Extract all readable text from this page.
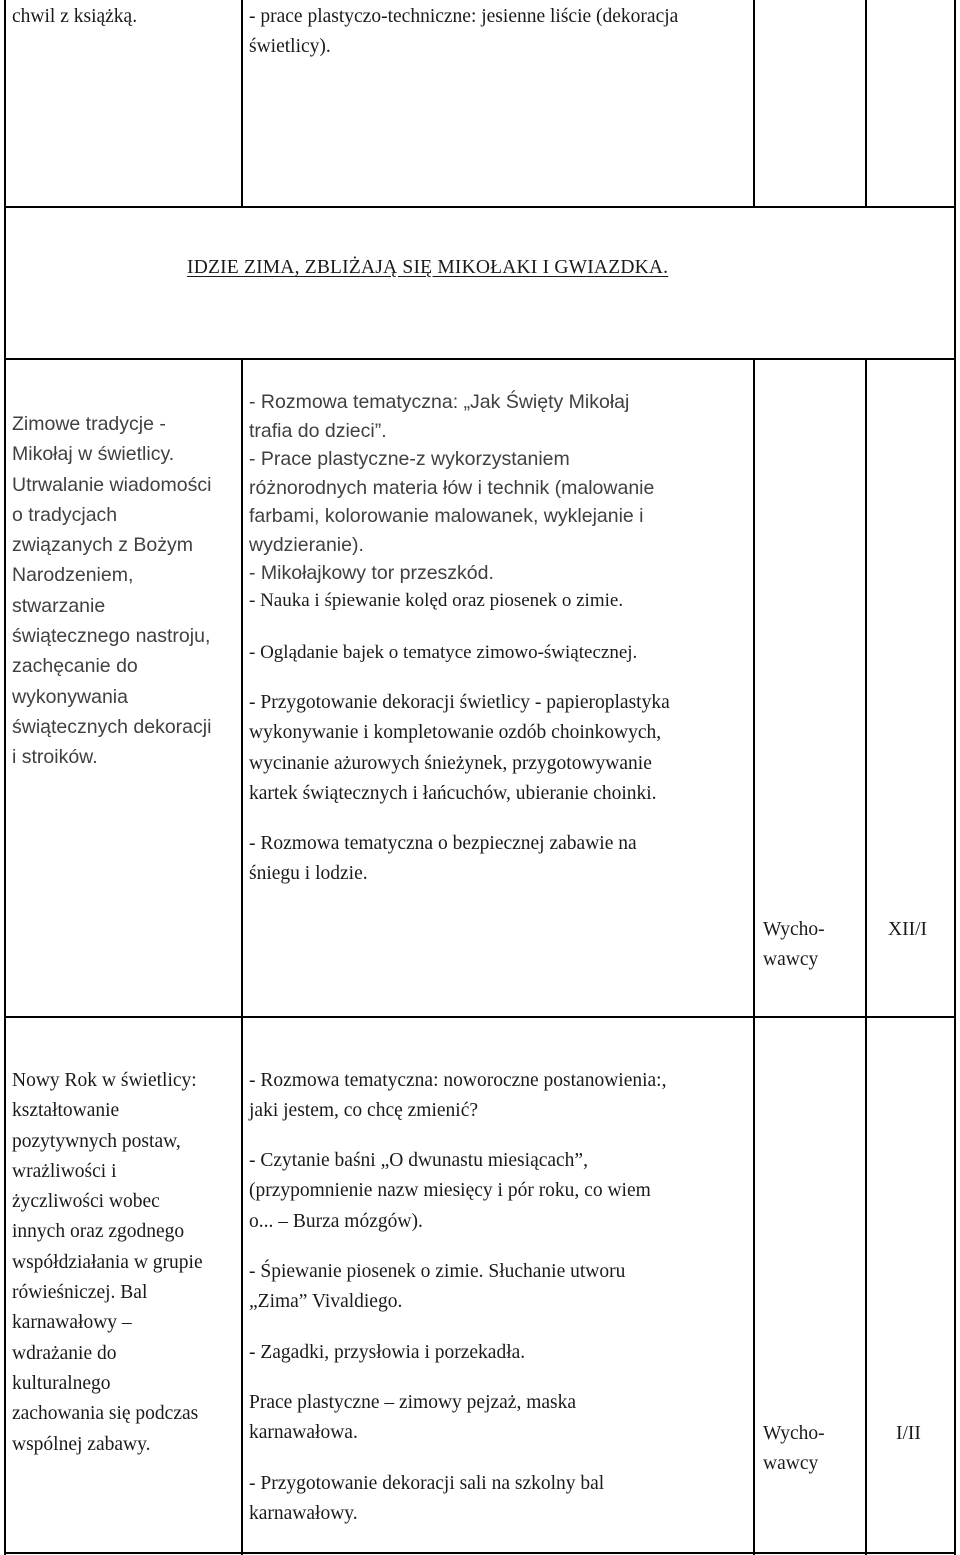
chwil z książką.	- prace plastyczo-techniczne: jesienne liście (dekoracja

świetlicy).

IDZIE ZIMA, ZBLIŻAJĄ SIĘ MIKOŁAKI I GWIAZDKA.

Zimowe tradycje -

Mikołaj w świetlicy.

Utrwalanie wiadomości

o tradycjach

związanych z Bożym

Narodzeniem,

stwarzanie

świątecznego nastroju,

zachęcanie do

wykonywania

świątecznych dekoracji

i stroików.

- Rozmowa tematyczna: „Jak Święty Mikołaj

trafia do dzieci”.

- Prace plastyczne-z wykorzystaniem

różnorodnych materia łów i technik (malowanie

farbami, kolorowanie malowanek, wyklejanie i

wydzieranie).

- Mikołajkowy tor przeszkód.

- Nauka i śpiewanie kolęd oraz piosenek o zimie.

- Oglądanie bajek o tematyce zimowo-świątecznej.

- Przygotowanie dekoracji świetlicy - papieroplastyka

wykonywanie i kompletowanie ozdób choinkowych,

wycinanie ażurowych śnieżynek, przygotowywanie

kartek świątecznych i łańcuchów, ubieranie choinki.

- Rozmowa tematyczna o bezpiecznej zabawie na

śniegu i lodzie.

Wycho-

wawcy

XII/I

Nowy Rok w świetlicy:

kształtowanie

pozytywnych postaw,

wrażliwości i

życzliwości wobec

innych oraz zgodnego

współdziałania w grupie

rówieśniczej. Bal

karnawałowy –

wdrażanie do

kulturalnego

zachowania się podczas

wspólnej zabawy.

- Rozmowa tematyczna: noworoczne postanowienia:,

jaki jestem, co chcę zmienić?

- Czytanie baśni „O dwunastu miesiącach”,

(przypomnienie nazw miesięcy i pór roku, co wiem

o... – Burza mózgów).

- Śpiewanie piosenek o zimie. Słuchanie utworu

„Zima” Vivaldiego.

- Zagadki, przysłowia i porzekadła.

Prace plastyczne – zimowy pejzaż, maska

karnawałowa.

- Przygotowanie dekoracji sali na szkolny bal

karnawałowy.

Wycho-

wawcy

I/II
